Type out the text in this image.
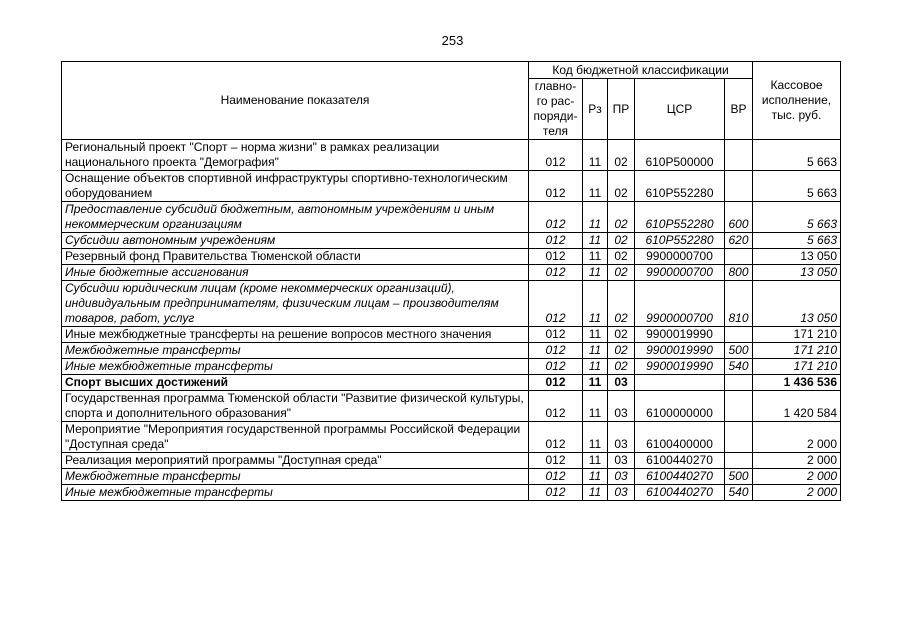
253
Наименование показателя	Код бюджетной классификации					Кассовое исполнение, тыс. руб.
	главно-го рас-поряди-теля	Рз	ПР	ЦСР	ВР	
Региональный проект "Спорт – норма жизни" в рамках реализации национального проекта "Демография"	012	11	02	610Р500000		5 663
Оснащение объектов спортивной инфраструктуры спортивно-технологическим оборудованием	012	11	02	610Р552280		5 663
Предоставление субсидий бюджетным, автономным учреждениям и иным некоммерческим организациям	012	11	02	610Р552280	600	5 663
Субсидии автономным учреждениям	012	11	02	610Р552280	620	5 663
Резервный фонд Правительства Тюменской области	012	11	02	9900000700		13 050
Иные бюджетные ассигнования	012	11	02	9900000700	800	13 050
Субсидии юридическим лицам (кроме некоммерческих организаций), индивидуальным предпринимателям, физическим лицам – производителям товаров, работ, услуг	012	11	02	9900000700	810	13 050
Иные межбюджетные трансферты на решение вопросов местного значения	012	11	02	9900019990		171 210
Межбюджетные трансферты	012	11	02	9900019990	500	171 210
Иные межбюджетные трансферты	012	11	02	9900019990	540	171 210
Спорт высших достижений	012	11	03			1 436 536
Государственная программа Тюменской области "Развитие физической культуры, спорта и дополнительного образования"	012	11	03	6100000000		1 420 584
Мероприятие "Мероприятия государственной программы Российской Федерации "Доступная среда"	012	11	03	6100400000		2 000
Реализация мероприятий программы "Доступная среда"	012	11	03	6100440270		2 000
Межбюджетные трансферты	012	11	03	6100440270	500	2 000
Иные межбюджетные трансферты	012	11	03	6100440270	540	2 000
